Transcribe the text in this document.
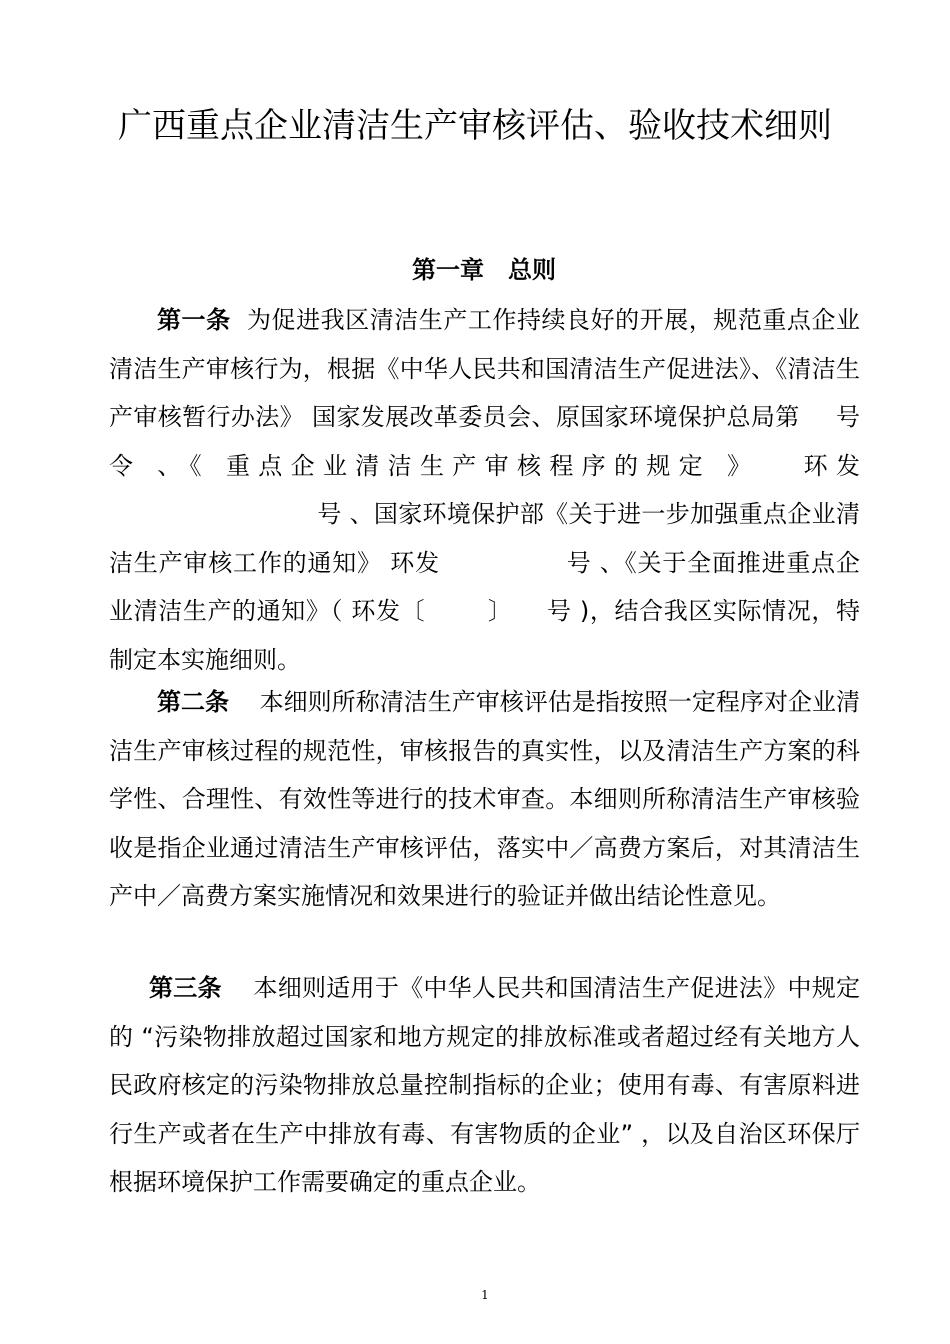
广西重点企业清洁生产审核评估、验收技术细则
第一章 总则

第一条 为促进我区清洁生产工作持续良好的开展，规范重点企业清洁生产审核行为，根据《中华人民共和国清洁生产促进法》、《清洁生产审核暂行办法》 国家发展改革委员会、原国家环境保护总局第 号令 、《 重点企业清洁生产审核程序的规定 》 环发号 、国家环境保护部《关于进一步加强重点企业清洁生产审核工作的通知》 环发	号 、《关于全面推进重点企业清洁生产的通知》（ 环发〔	〕 号 )，结合我区实际情况，特制定本实施细则。

第二条 本细则所称清洁生产审核评估是指按照一定程序对企业清洁生产审核过程的规范性，审核报告的真实性，以及清洁生产方案的科学性、合理性、有效性等进行的技术审查。本细则所称清洁生产审核验收是指企业通过清洁生产审核评估，落实中／高费方案后，对其清洁生产中／高费方案实施情况和效果进行的验证并做出结论性意见。

第三条 本细则适用于《中华人民共和国清洁生产促进法》中规定的 “污染物排放超过国家和地方规定的排放标准或者超过经有关地方人民政府核定的污染物排放总量控制指标的企业；使用有毒、有害原料进行生产或者在生产中排放有毒、有害物质的企业” ，以及自治区环保厅根据环境保护工作需要确定的重点企业。

1
